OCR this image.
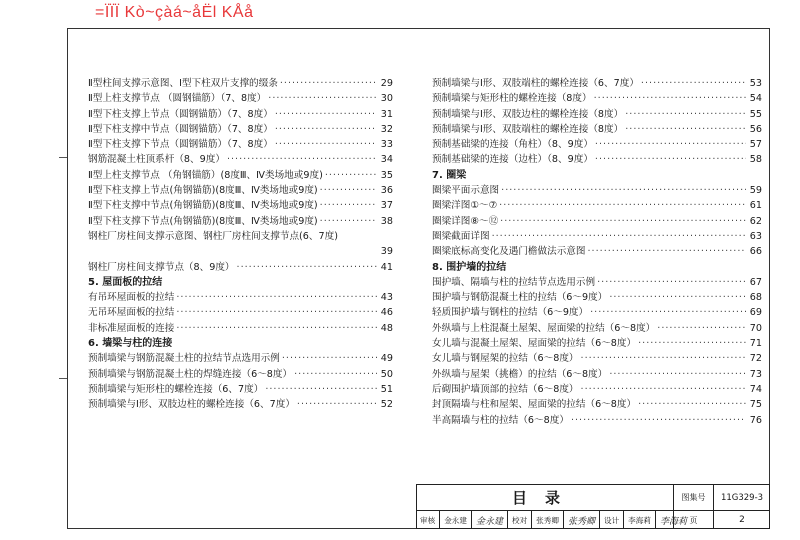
=ÏÏÏ Kò~çàá~åËl KÅå
Ⅱ型柱间支撑示意图、Ⅰ型下柱双片支撑的缀条 ·····	29
Ⅱ型上柱支撑节点 （圆钢锚筋）（7、8度） ·····	30
Ⅱ型下柱支撑上节点（圆钢锚筋）（7、8度） ·····	31
Ⅱ型下柱支撑中节点（圆钢锚筋）（7、8度） ·····	32
Ⅱ型下柱支撑下节点（圆钢锚筋）（7、8度） ·····	33
钢筋混凝土柱顶系杆（8、9度） ·····	34
Ⅱ型上柱支撑节点 （角钢锚筋）(8度Ⅲ、Ⅳ类场地或9度) ·····	35
Ⅱ型下柱支撑上节点(角钢锚筋)(8度Ⅲ、Ⅳ类场地或9度) ·····	36
Ⅱ型下柱支撑中节点(角钢锚筋)(8度Ⅲ、Ⅳ类场地或9度) ·····	37
Ⅱ型下柱支撑下节点(角钢锚筋)(8度Ⅲ、Ⅳ类场地或9度) ·····	38
钢柱厂房柱间支撑示意图、钢柱厂房柱间支撑节点(6、7度)
39
钢柱厂房柱间支撑节点（8、9度） ·····	41
5. 屋面板的拉结
有吊环屋面板的拉结 ·····	43
无吊环屋面板的拉结 ·····	46
非标准屋面板的连接 ·····	48
6. 墙梁与柱的连接
预制墙梁与钢筋混凝土柱的拉结节点选用示例 ·····	49
预制墙梁与钢筋混凝土柱的焊缝连接（6～8度） ·····	50
预制墙梁与矩形柱的螺栓连接（6、7度） ·····	51
预制墙梁与Ⅰ形、双肢边柱的螺栓连接（6、7度） ·····	52
预制墙梁与Ⅰ形、双肢端柱的螺栓连接（6、7度） ·····	53
预制墙梁与矩形柱的螺栓连接（8度） ·····	54
预制墙梁与Ⅰ形、双肢边柱的螺栓连接（8度） ·····	55
预制墙梁与Ⅰ形、双肢端柱的螺栓连接（8度） ·····	56
预制基础梁的连接（角柱）（8、9度） ·····	57
预制基础梁的连接（边柱）（8、9度） ·····	58
7. 圈梁
圈梁平面示意图 ·····	59
圈梁洋图①～⑦ ·····	61
圈梁详图⑧～⑫ ·····	62
圈梁截面详图 ·····	63
圈梁底标高变化及遇门檐做法示意图 ·····	66
8. 围护墙的拉结
围护墙、隔墙与柱的拉结节点选用示例 ·····	67
围护墙与钢筋混凝土柱的拉结（6～9度） ·····	68
轻质围护墙与钢柱的拉结（6～9度） ·····	69
外纵墙与上柱混凝土屋架、屋面梁的拉结（6～8度） ·····	70
女儿墙与混凝土屋架、屋面梁的拉结（6～8度） ·····	71
女儿墙与钢屋架的拉结（6～8度） ·····	72
外纵墙与屋架（挑檐）的拉结（6～8度） ·····	73
后砌围护墙顶部的拉结（6～8度） ·····	74
封顶隔墙与柱和屋架、屋面梁的拉结（6～8度） ·····	75
半高隔墙与柱的拉结（6～8度） ·····	76
目录	图集号	11G329-3
审核 金永建 金永建 校对 张秀卿 张秀卿 设计 李海莉 李海莉 页	2
